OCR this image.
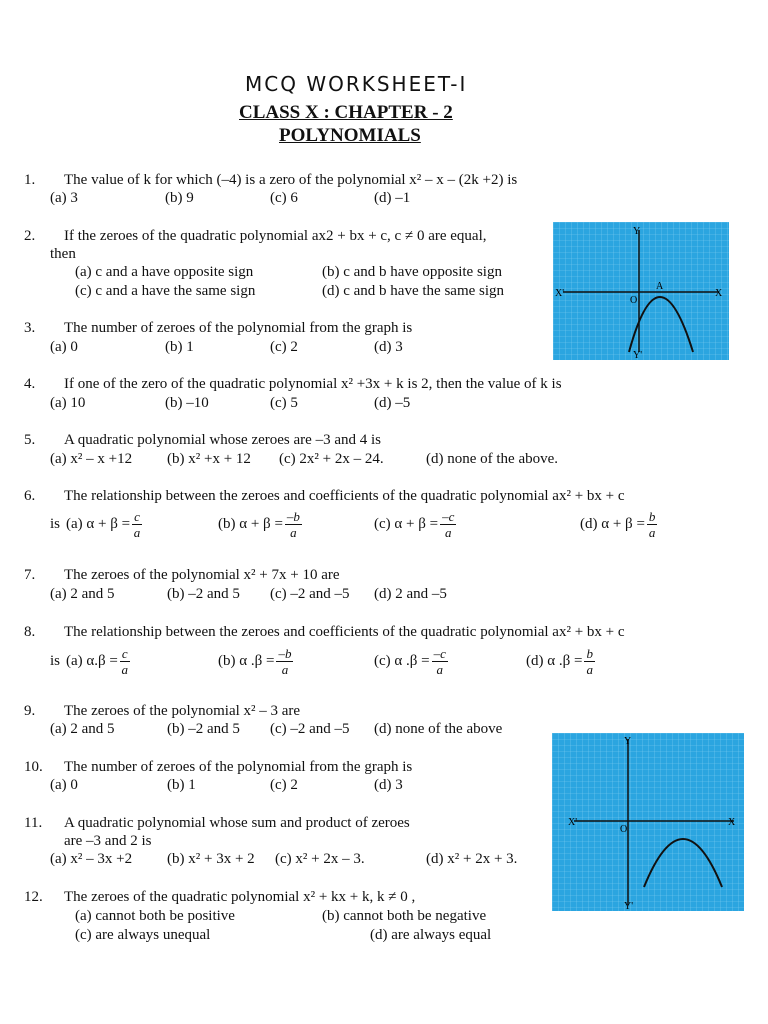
MCQ WORKSHEET-I
CLASS X : CHAPTER - 2
POLYNOMIALS
1. The value of k for which (–4) is a zero of the polynomial x² – x – (2k +2) is
(a) 3	(b) 9	(c) 6	(d) –1
2. If the zeroes of the quadratic polynomial ax2 + bx + c, c ≠ 0 are equal,
then
(a) c and a have opposite sign	(b) c and b have opposite sign
(c) c and a have the same sign	(d) c and b have the same sign
Y
Y'
X
X'
O
A
3. The number of zeroes of the polynomial from the graph is
(a) 0	(b) 1	(c) 2	(d) 3
4. If one of the zero of the quadratic polynomial x² +3x + k is 2, then the value of k is
(a) 10	(b) –10	(c) 5	(d) –5
5. A quadratic polynomial whose zeroes are –3 and 4 is
(a) x² – x +12 (b) x² +x + 12 (c) 2x² + 2x – 24.	(d) none of the above.
6. The relationship between the zeroes and coefficients of the quadratic polynomial ax² + bx + c
is (a) $\alpha + \beta = \frac{c}{a}$	(b) $\alpha + \beta = \frac{-b}{a}$	(c) $\alpha + \beta = \frac{-c}{a}$	(d) $\alpha + \beta = \frac{b}{a}$
7. The zeroes of the polynomial x² + 7x + 10 are
(a) 2 and 5	(b) –2 and 5 (c) –2 and –5 (d) 2 and –5
8. The relationship between the zeroes and coefficients of the quadratic polynomial ax² + bx + c
is (a) $\alpha.\beta = \frac{c}{a}$	(b) α $.\beta = \frac{-b}{a}$	(c) α $.\beta = \frac{-c}{a}$	(d) α $.\beta = \frac{b}{a}$
9. The zeroes of the polynomial x² – 3 are
(a) 2 and 5	(b) –2 and 5 (c) –2 and –5 (d) none of the above
Y
Y'
X
X'
O
10. The number of zeroes of the polynomial from the graph is
(a) 0	(b) 1	(c) 2	(d) 3
11. A quadratic polynomial whose sum and product of zeroes
are –3 and 2 is
(a) x² – 3x +2 (b) x² + 3x + 2 (c) x² + 2x – 3.	(d) x² + 2x + 3.
12. The zeroes of the quadratic polynomial x² + kx + k, k ≠ 0 ,
(a) cannot both be positive	(b) cannot both be negative
(c) are always unequal	(d) are always equal
